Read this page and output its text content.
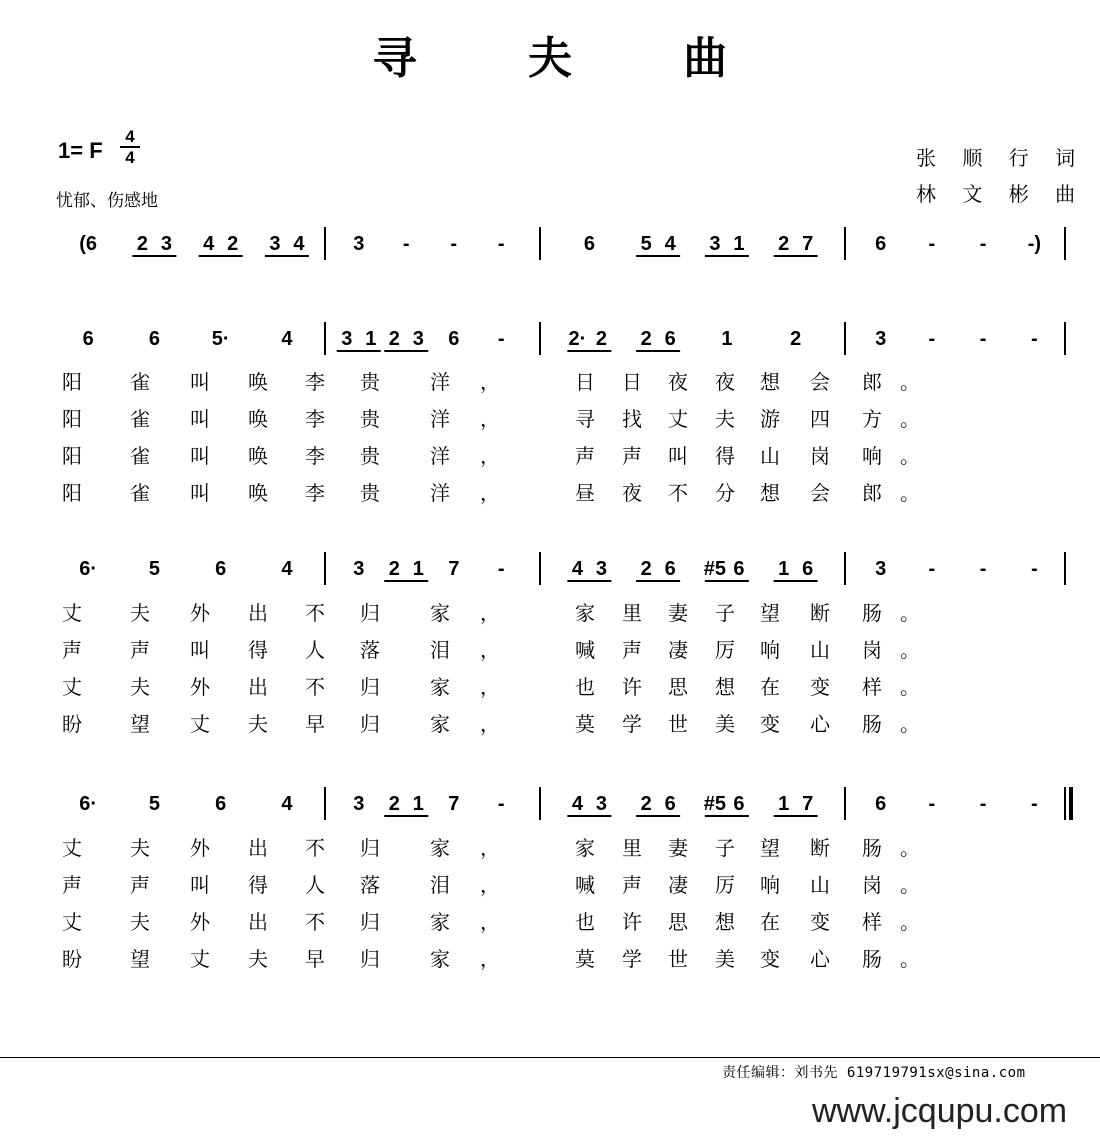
寻 夫 曲
1= F $\frac{4}{4}$
忧郁、伤感地
张 顺 行 词
林 文 彬 曲
(6 2 3 4 2 3 4 3 - - -	6 5 4 3 1 2 7	6 - - -)
6	6	5·	4 3 1 2 3 6 -	2· 2 2 6 1	2	3 - - -
阳 雀 叫 唤 李 贵	洋 ，	日 日 夜 夜 想 会 郎 。
阳 雀 叫 唤 李 贵	洋 ，	寻 找 丈 夫 游 四 方 。
阳 雀 叫 唤 李 贵	洋 ，	声 声 叫 得 山 岗 响 。
阳 雀 叫 唤 李 贵	洋 ，	昼 夜 不 分 想 会 郎 。
6·	5	6	4	3 2 1 7 -	4 3 2 6 #5 6 1 6	3 - - -
丈 夫 外 出 不 归	家 ，	家 里 妻 子 望 断 肠 。
声 声 叫 得 人 落	泪 ，	喊 声 凄 厉 响 山 岗 。
丈 夫 外 出 不 归	家 ，	也 许 思 想 在 变 样 。
盼 望 丈 夫 早 归	家 ，	莫 学 世 美 变 心 肠 。
6·	5	6	4	3 2 1 7 -	4 3 2 6 #5 6 1 7	6 - - -
丈 夫 外 出 不 归	家 ，	家 里 妻 子 望 断 肠 。
声 声 叫 得 人 落	泪 ，	喊 声 凄 厉 响 山 岗 。
丈 夫 外 出 不 归	家 ，	也 许 思 想 在 变 样 。
盼 望 丈 夫 早 归	家 ，	莫 学 世 美 变 心 肠 。
责任编辑：刘书先 619719791sx@sina.com
www.jcqupu.com
